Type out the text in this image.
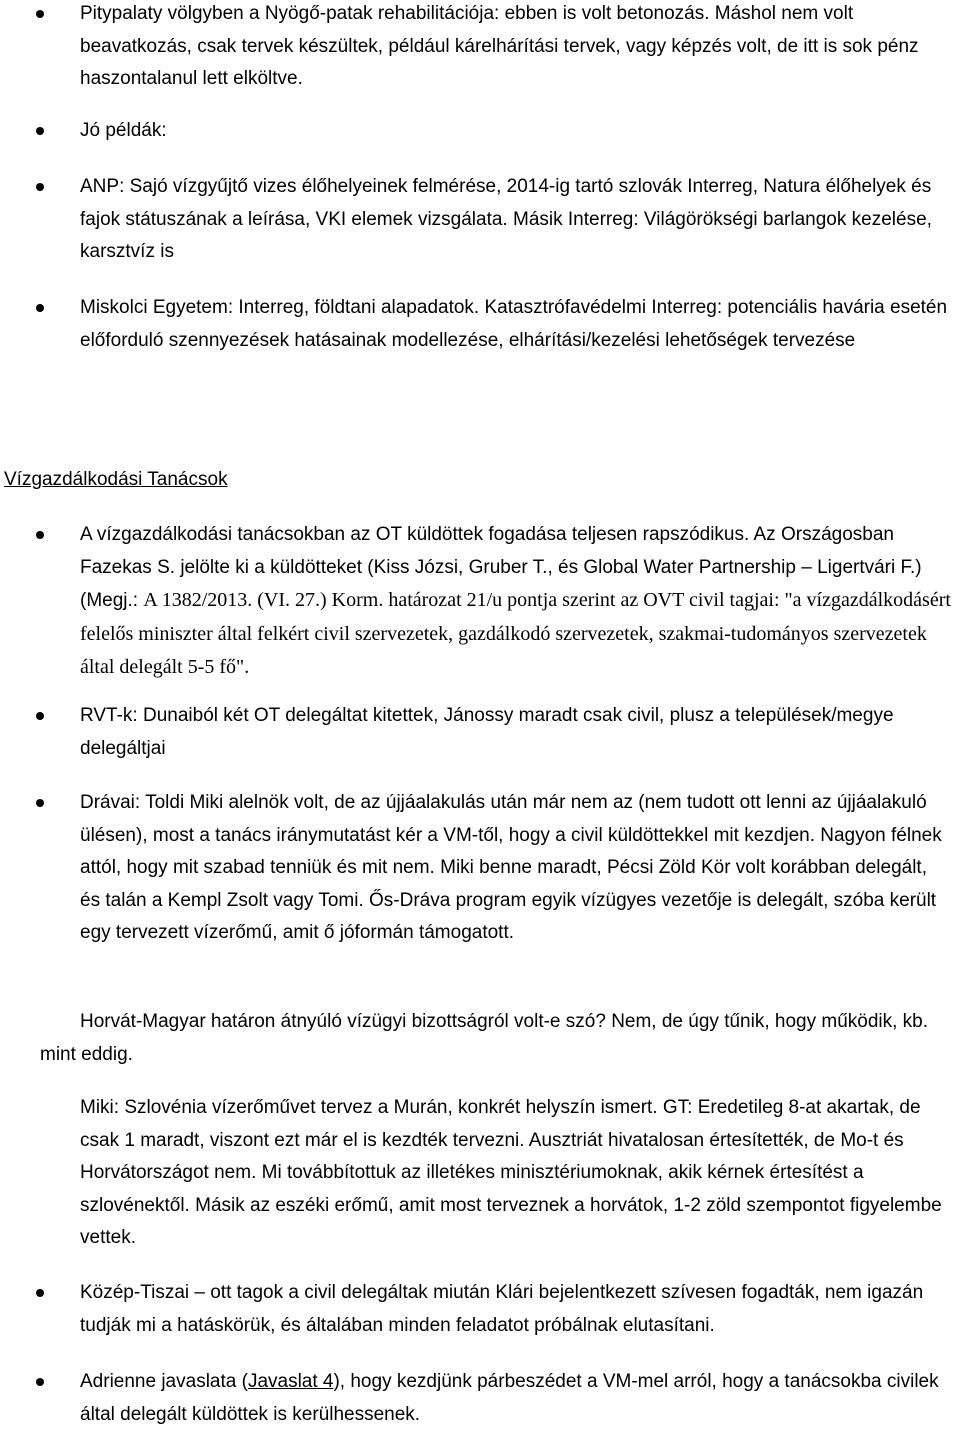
Pitypalaty völgyben a Nyögő-patak rehabilitációja: ebben is volt betonozás. Máshol nem volt beavatkozás, csak tervek készültek, például kárelhárítási tervek, vagy képzés volt, de itt is sok pénz haszontalanul lett elköltve.

Jó példák:

ANP: Sajó vízgyűjtő vizes élőhelyeinek felmérése, 2014-ig tartó szlovák Interreg, Natura élőhelyek és fajok státuszának a leírása, VKI elemek vizsgálata. Másik Interreg: Világörökségi barlangok kezelése, karsztvíz is

Miskolci Egyetem: Interreg, földtani alapadatok. Katasztrófavédelmi Interreg: potenciális havária esetén előforduló szennyezések hatásainak modellezése, elhárítási/kezelési lehetőségek tervezése

Vízgazdálkodási Tanácsok

A vízgazdálkodási tanácsokban az OT küldöttek fogadása teljesen rapszódikus. Az Országosban Fazekas S. jelölte ki a küldötteket (Kiss Józsi, Gruber T., és Global Water Partnership – Ligertvári F.) (Megj.: A 1382/2013. (VI. 27.) Korm. határozat 21/u pontja szerint az OVT civil tagjai: "a vízgazdálkodásért felelős miniszter által felkért civil szervezetek, gazdálkodó szervezetek, szakmai-tudományos szervezetek által delegált 5-5 fő".

RVT-k: Dunaiból két OT delegáltat kitettek, Jánossy maradt csak civil, plusz a települések/megye delegáltjai

Drávai: Toldi Miki alelnök volt, de az újjáalakulás után már nem az (nem tudott ott lenni az újjáalakuló ülésen), most a tanács iránymutatást kér a VM-től, hogy a civil küldöttekkel mit kezdjen. Nagyon félnek attól, hogy mit szabad tenniük és mit nem. Miki benne maradt, Pécsi Zöld Kör volt korábban delegált, és talán a Kempl Zsolt vagy Tomi. Ős-Dráva program egyik vízügyes vezetője is delegált, szóba került egy tervezett vízerőmű, amit ő jóformán támogatott.

Horvát-Magyar határon átnyúló vízügyi bizottságról volt-e szó? Nem, de úgy tűnik, hogy működik, kb. mint eddig.

Miki: Szlovénia vízerőművet tervez a Murán, konkrét helyszín ismert. GT: Eredetileg 8-at akartak, de csak 1 maradt, viszont ezt már el is kezdték tervezni. Ausztriát hivatalosan értesítették, de Mo-t és Horvátországot nem. Mi továbbítottuk az illetékes minisztériumoknak, akik kérnek értesítést a szlovénektől. Másik az eszéki erőmű, amit most terveznek a horvátok, 1-2 zöld szempontot figyelembe vettek.

Közép-Tiszai – ott tagok a civil delegáltak miután Klári bejelentkezett szívesen fogadták, nem igazán tudják mi a hatáskörük, és általában minden feladatot próbálnak elutasítani.

Adrienne javaslata (Javaslat 4), hogy kezdjünk párbeszédet a VM-mel arról, hogy a tanácsokba civilek által delegált küldöttek is kerülhessenek.
